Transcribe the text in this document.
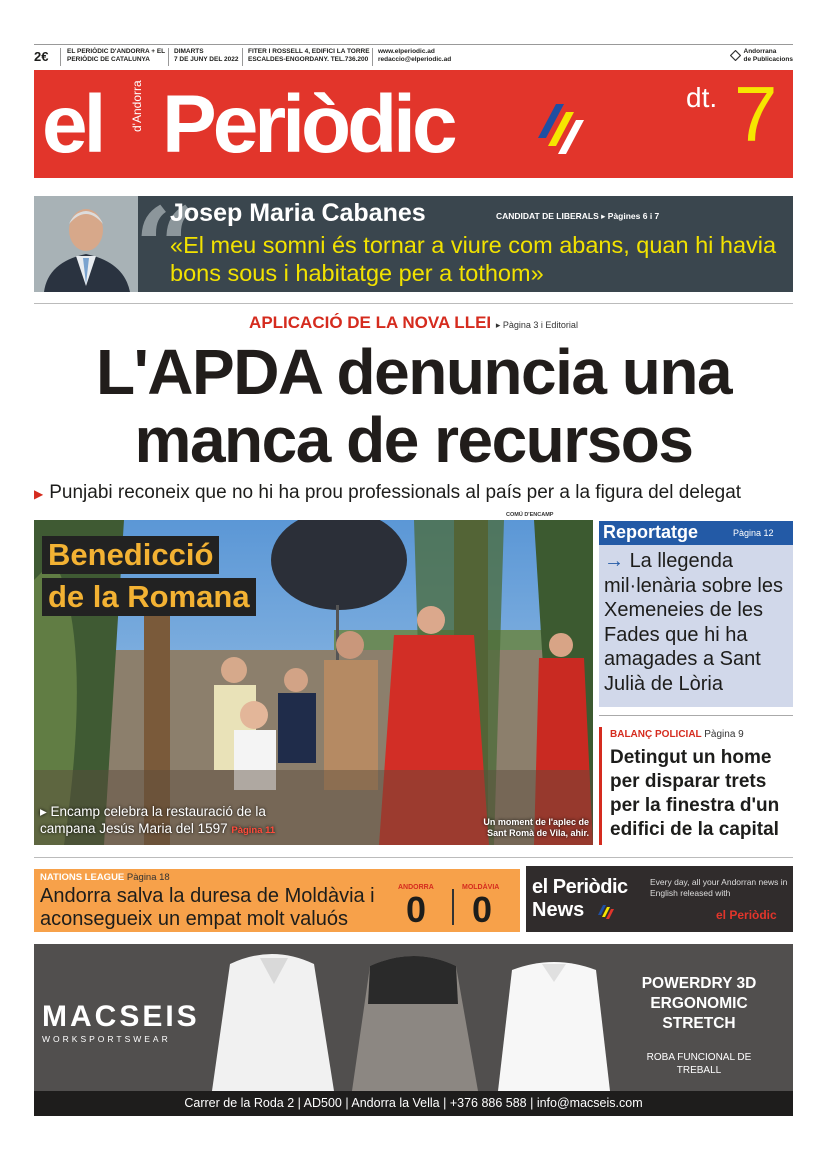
2€	EL PERIÒDIC D'ANDORRA + EL PERIÒDIC DE CATALUNYA
DIMARTS
7 DE JUNY DEL 2022
FITER I ROSSELL 4, EDIFICI LA TORRE ESCALDES-ENGORDANY. TEL.736.200
www.elperiodic.ad
redaccio@elperiodic.ad
Andorrana
de Publicacions
el d'Andorra Periòdic	dt. 7
“
Josep Maria Cabanes	CANDIDAT DE LIBERALS ▸ Pàgines 6 i 7
«El meu somni és tornar a viure com abans, quan hi havia bons sous i habitatge per a tothom»
APLICACIÓ DE LA NOVA LLEI ▸ Pàgina 3 i Editorial
L'APDA denuncia una manca de recursos
▶ Punjabi reconeix que no hi ha prou professionals al país per a la figura del delegat
COMÚ D'ENCAMP
Benedicció
de la Romana
▸ Encamp celebra la restauració de la campana Jesús Maria del 1597 Pàgina 11
Un moment de l'aplec de Sant Romà de Vila, ahir.
Reportatge	Pàgina 12
→ La llegenda mil·lenària sobre les Xemeneies de les Fades que hi ha amagades a Sant Julià de Lòria
BALANÇ POLICIAL Pàgina 9
Detingut un home per disparar trets per la finestra d'un edifici de la capital
NATIONS LEAGUE Pàgina 18
Andorra salva la duresa de Moldàvia i aconsegueix un empat molt valuós
ANDORRA	MOLDÀVIA
0 0
el Periòdic
News
Every day, all your Andorran news in English released with
el Periòdic
MACSEIS
WORKSPORTSWEAR
POWERDRY 3D ERGONOMIC STRETCH
ROBA FUNCIONAL DE TREBALL
Carrer de la Roda 2 | AD500 | Andorra la Vella | +376 886 588 | info@macseis.com
